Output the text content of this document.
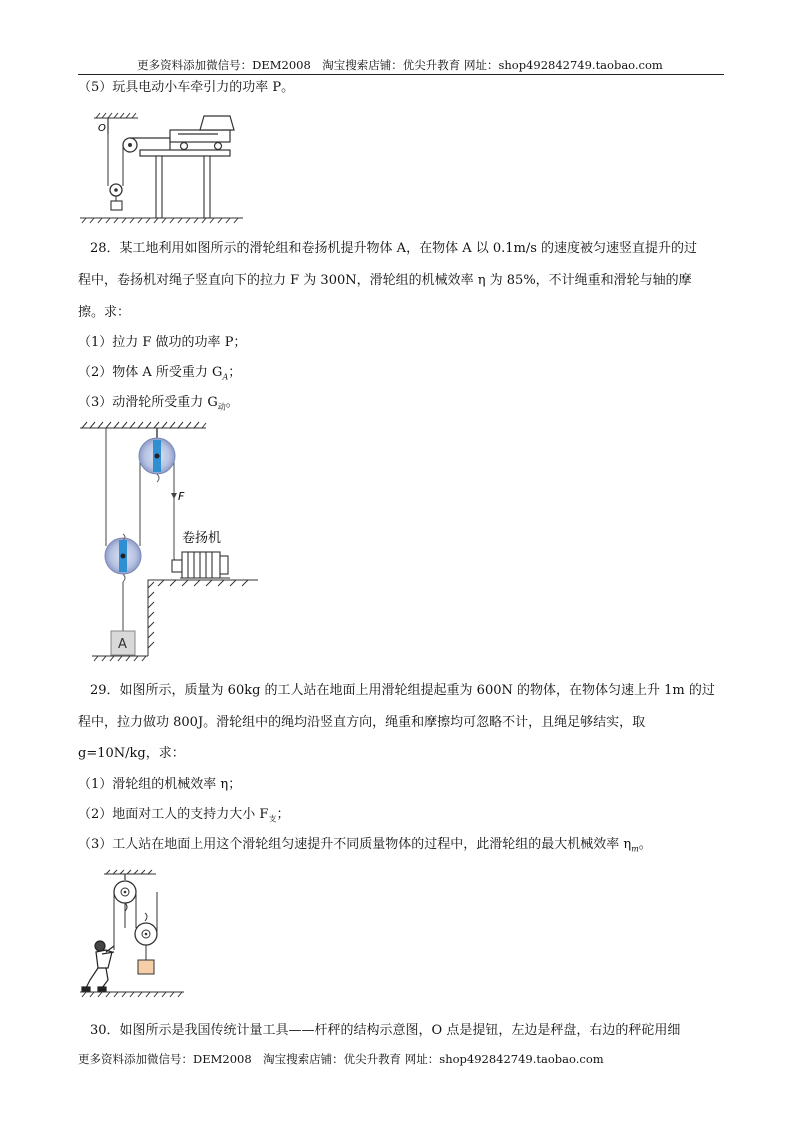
更多资料添加微信号：DEM2008　淘宝搜索店铺：优尖升教育 网址：shop492842749.taobao.com
（5）玩具电动小车牵引力的功率 P。
O
28．某工地利用如图所示的滑轮组和卷扬机提升物体 A，在物体 A 以 0.1m/s 的速度被匀速竖直提升的过
程中，卷扬机对绳子竖直向下的拉力 F 为 300N，滑轮组的机械效率 η 为 85%，不计绳重和滑轮与轴的摩
擦。求：
（1）拉力 F 做功的功率 P；
（2）物体 A 所受重力 $G_A$；
（3）动滑轮所受重力 $G_动$。
F
A
卷扬机
29．如图所示，质量为 60kg 的工人站在地面上用滑轮组提起重为 600N 的物体，在物体匀速上升 1m 的过
程中，拉力做功 800J。滑轮组中的绳均沿竖直方向，绳重和摩擦均可忽略不计，且绳足够结实，取
g=10N/kg，求：
（1）滑轮组的机械效率 η；
（2）地面对工人的支持力大小 $F_支$；
（3）工人站在地面上用这个滑轮组匀速提升不同质量物体的过程中，此滑轮组的最大机械效率 $\eta_m$。
30．如图所示是我国传统计量工具——杆秤的结构示意图，O 点是提钮，左边是秤盘，右边的秤砣用细
更多资料添加微信号：DEM2008　淘宝搜索店铺：优尖升教育 网址：shop492842749.taobao.com
